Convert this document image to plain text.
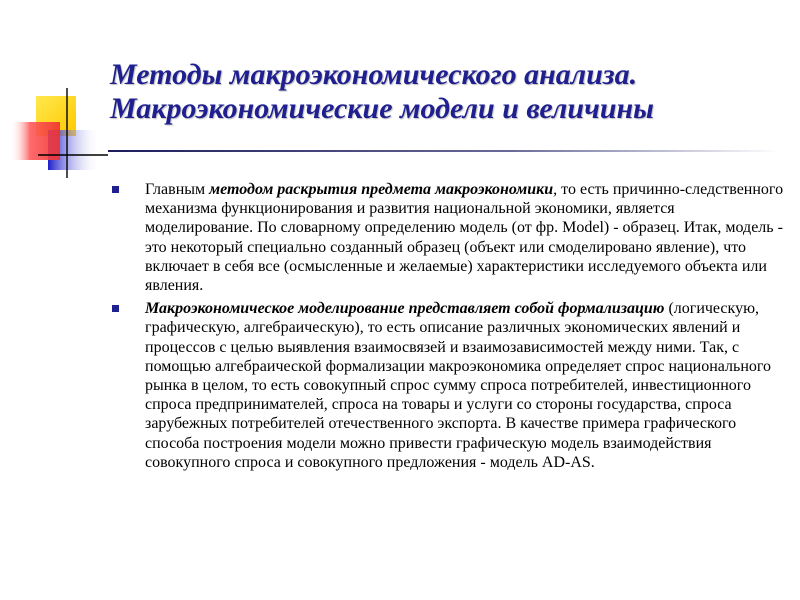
Методы макроэкономического анализа.
Макроэкономические модели и величины

Главным методом раскрытия предмета макроэкономики, то есть причинно-следственного механизма функционирования и развития национальной экономики, является моделирование. По словарному определению модель (от фр. Model) - образец. Итак, модель - это некоторый специально созданный образец (объект или смоделировано явление), что включает в себя все (осмысленные и желаемые) характеристики исследуемого объекта или явления.

Макроэкономическое моделирование представляет собой формализацию (логическую, графическую, алгебраическую), то есть описание различных экономических явлений и процессов с целью выявления взаимосвязей и взаимозависимостей между ними. Так, с помощью алгебраической формализации макроэкономика определяет спрос национального рынка в целом, то есть совокупный спрос сумму спроса потребителей, инвестиционного спроса предпринимателей, спроса на товары и услуги со стороны государства, спроса зарубежных потребителей отечественного экспорта. В качестве примера графического способа построения модели можно привести графическую модель взаимодействия совокупного спроса и совокупного предложения - модель AD-AS.
